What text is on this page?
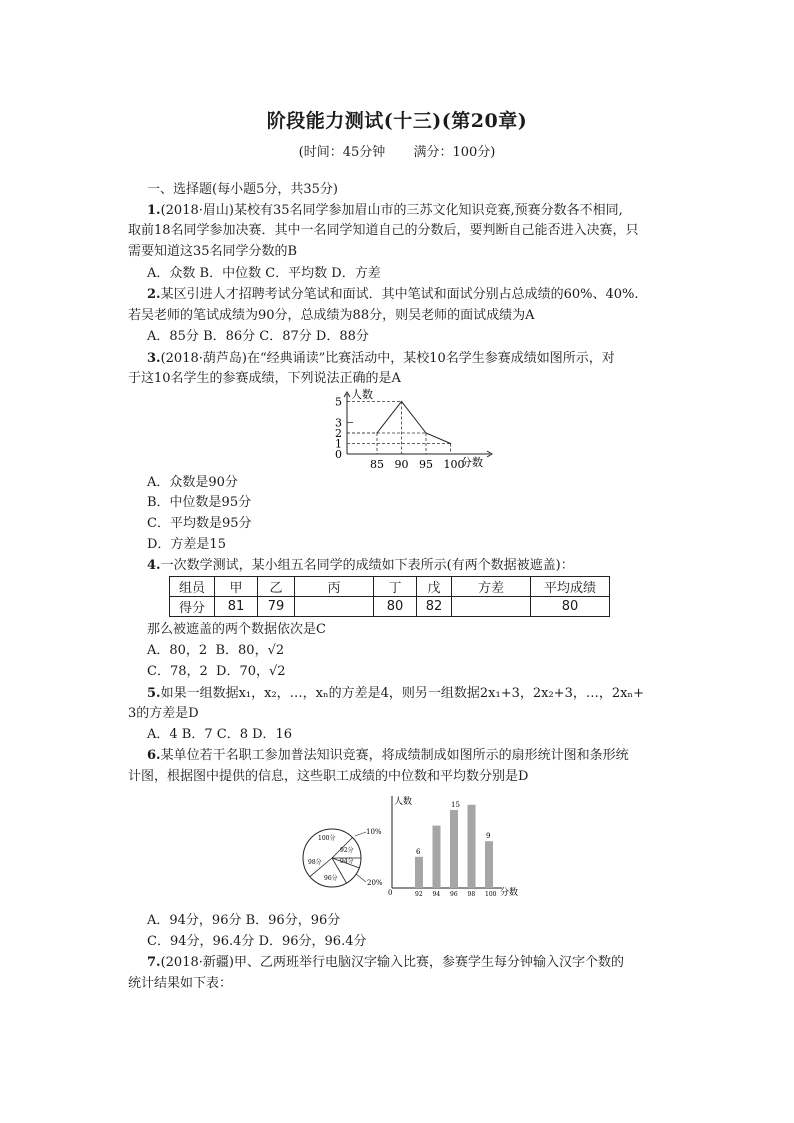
阶段能力测试(十三)(第20章)
(时间：45分钟 满分：100分)
一、选择题(每小题5分，共35分)
1.(2018·眉山)某校有35名同学参加眉山市的三苏文化知识竞赛,预赛分数各不相同,
取前18名同学参加决赛．其中一名同学知道自己的分数后，要判断自己能否进入决赛，只
需要知道这35名同学分数的B
A．众数 B．中位数 C．平均数 D．方差
2.某区引进人才招聘考试分笔试和面试．其中笔试和面试分别占总成绩的60%、40%.
若吴老师的笔试成绩为90分，总成绩为88分，则吴老师的面试成绩为A
A．85分 B．86分 C．87分 D．88分
3.(2018·葫芦岛)在“经典诵读”比赛活动中，某校10名学生参赛成绩如图所示，对
于这10名学生的参赛成绩，下列说法正确的是A
人数
分数
0
1
2
3
5
85 90 95 100
A．众数是90分
B．中位数是95分
C．平均数是95分
D．方差是15
4.一次数学测试，某小组五名同学的成绩如下表所示(有两个数据被遮盖)：
组员	甲	乙	丙	丁	戊	方差	平均成绩
得分	81	79		80	82		80
那么被遮盖的两个数据依次是C
A．80，2 B．80，√2
C．78，2 D．70，√2
5.如果一组数据x₁，x₂，…，xₙ的方差是4，则另一组数据2x₁+3，2x₂+3，…，2xₙ+
3的方差是D
A．4 B．7 C．8 D．16
6.某单位若干名职工参加普法知识竞赛，将成绩制成如图所示的扇形统计图和条形统
计图，根据图中提供的信息，这些职工成绩的中位数和平均数分别是D
100分
92分
94分
96分
98分
10%
20%
人数
分数
0	92
6
94 96
15
98 100
9
A．94分，96分 B．96分，96分
C．94分，96.4分 D．96分，96.4分
7.(2018·新疆)甲、乙两班举行电脑汉字输入比赛，参赛学生每分钟输入汉字个数的
统计结果如下表：
